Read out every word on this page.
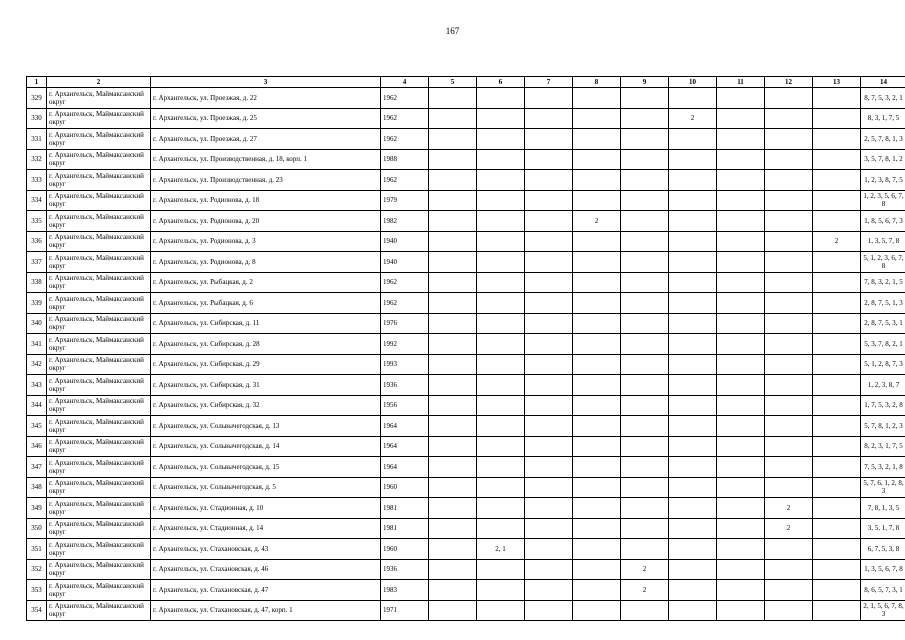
167
1	2	3	4	5	6	7	8	9	10	11	12	13	14
329	г. Архангельск, Маймаксанский округ	г. Архангельск, ул. Проезжая, д. 22	1962										8, 7, 5, 3, 2, 1
330	г. Архангельск, Маймаксанский округ	г. Архангельск, ул. Проезжая, д. 25	1962						2				8, 3, 1, 7, 5
331	г. Архангельск, Маймаксанский округ	г. Архангельск, ул. Проезжая, д. 27	1962										2, 5, 7, 8, 1, 3
332	г. Архангельск, Маймаксанский округ	г. Архангельск, ул. Производственная, д. 18, корп. 1	1988										3, 5, 7, 8, 1, 2
333	г. Архангельск, Маймаксанский округ	г. Архангельск, ул. Производственная, д. 23	1962										1, 2, 3, 8, 7, 5
334	г. Архангельск, Маймаксанский округ	г. Архангельск, ул. Родионова, д. 18	1979										1, 2, 3, 5, 6, 7, 8
335	г. Архангельск, Маймаксанский округ	г. Архангельск, ул. Родионова, д. 20	1982				2						1, 8, 5, 6, 7, 3
336	г. Архангельск, Маймаксанский округ	г. Архангельск, ул. Родионова, д. 3	1940									2	1, 3, 5, 7, 8
337	г. Архангельск, Маймаксанский округ	г. Архангельск, ул. Родионова, д. 8	1940										5, 1, 2, 3, 6, 7, 8
338	г. Архангельск, Маймаксанский округ	г. Архангельск, ул. Рыбацкая, д. 2	1962										7, 8, 3, 2, 1, 5
339	г. Архангельск, Маймаксанский округ	г. Архангельск, ул. Рыбацкая, д. 6	1962										2, 8, 7, 5, 1, 3
340	г. Архангельск, Маймаксанский округ	г. Архангельск, ул. Сибирская, д. 11	1976										2, 8, 7, 5, 3, 1
341	г. Архангельск, Маймаксанский округ	г. Архангельск, ул. Сибирская, д. 28	1992										5, 3, 7, 8, 2, 1
342	г. Архангельск, Маймаксанский округ	г. Архангельск, ул. Сибирская, д. 29	1993										5, 1, 2, 8, 7, 3
343	г. Архангельск, Маймаксанский округ	г. Архангельск, ул. Сибирская, д. 31	1936										1, 2, 3, 8, 7
344	г. Архангельск, Маймаксанский округ	г. Архангельск, ул. Сибирская, д. 32	1956										1, 7, 5, 3, 2, 8
345	г. Архангельск, Маймаксанский округ	г. Архангельск, ул. Сольвычегодская, д. 13	1964										5, 7, 8, 1, 2, 3
346	г. Архангельск, Маймаксанский округ	г. Архангельск, ул. Сольвычегодская, д. 14	1964										8, 2, 3, 1, 7, 5
347	г. Архангельск, Маймаксанский округ	г. Архангельск, ул. Сольвычегодская, д. 15	1964										7, 5, 3, 2, 1, 8
348	г. Архангельск, Маймаксанский округ	г. Архангельск, ул. Сольвычегодская, д. 5	1960										5, 7, 6, 1, 2, 8, 3
349	г. Архангельск, Маймаксанский округ	г. Архангельск, ул. Стадионная, д. 10	1981								2		7, 8, 1, 3, 5
350	г. Архангельск, Маймаксанский округ	г. Архангельск, ул. Стадионная, д. 14	1981								2		3, 5, 1, 7, 8
351	г. Архангельск, Маймаксанский округ	г. Архангельск, ул. Стахановская, д. 43	1960		2, 1								6, 7, 5, 3, 8
352	г. Архангельск, Маймаксанский округ	г. Архангельск, ул. Стахановская, д. 46	1936					2					1, 3, 5, 6, 7, 8
353	г. Архангельск, Маймаксанский округ	г. Архангельск, ул. Стахановская, д. 47	1983					2					8, 6, 5, 7, 3, 1
354	г. Архангельск, Маймаксанский округ	г. Архангельск, ул. Стахановская, д. 47, корп. 1	1971										2, 1, 5, 6, 7, 8, 3
